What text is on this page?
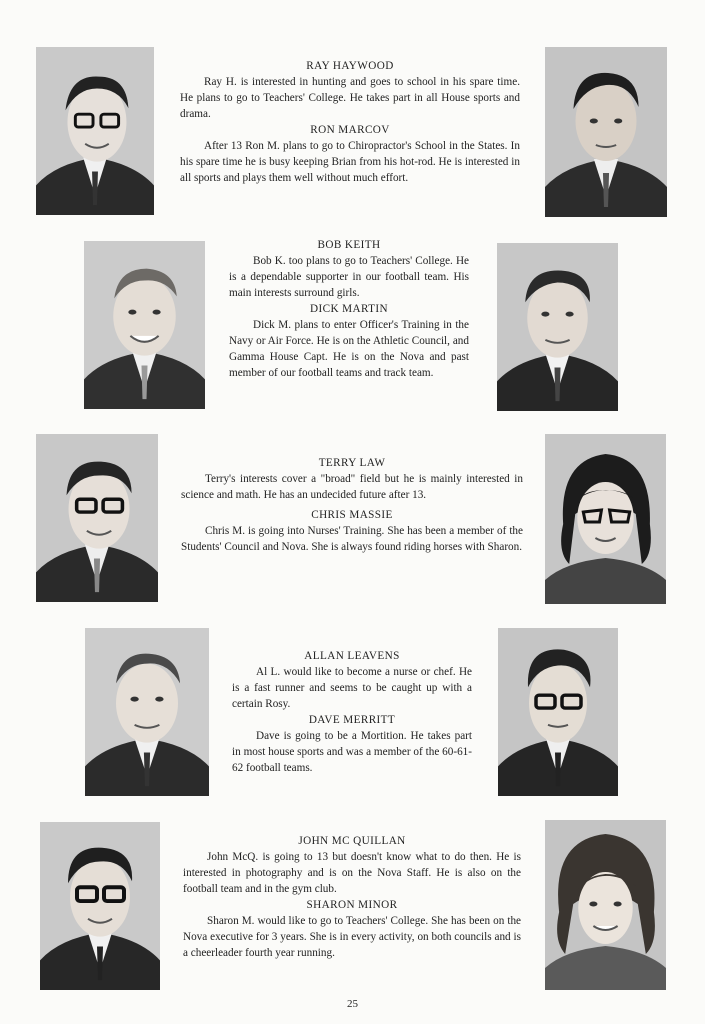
RAY HAYWOOD
Ray H. is interested in hunting and goes to school in his spare time. He plans to go to Teachers' College. He takes part in all House sports and drama.
RON MARCOV
After 13 Ron M. plans to go to Chiropractor's School in the States. In his spare time he is busy keeping Brian from his hot-rod. He is interested in all sports and plays them well without much effort.
BOB KEITH
Bob K. too plans to go to Teachers' College. He is a dependable supporter in our football team. His main interests surround girls.
DICK MARTIN
Dick M. plans to enter Officer's Training in the Navy or Air Force. He is on the Athletic Council, and Gamma House Capt. He is on the Nova and past member of our football teams and track team.
TERRY LAW
Terry's interests cover a "broad" field but he is mainly interested in science and math. He has an undecided future after 13.
CHRIS MASSIE
Chris M. is going into Nurses' Training. She has been a member of the Students' Council and Nova. She is always found riding horses with Sharon.
ALLAN LEAVENS
Al L. would like to become a nurse or chef. He is a fast runner and seems to be caught up with a certain Rosy.
DAVE MERRITT
Dave is going to be a Mortition. He takes part in most house sports and was a member of the 60-61-62 football teams.
JOHN MC QUILLAN
John McQ. is going to 13 but doesn't know what to do then. He is interested in photography and is on the Nova Staff. He is also on the football team and in the gym club.
SHARON MINOR
Sharon M. would like to go to Teachers' College. She has been on the Nova executive for 3 years. She is in every activity, on both councils and is a cheerleader fourth year running.
25
